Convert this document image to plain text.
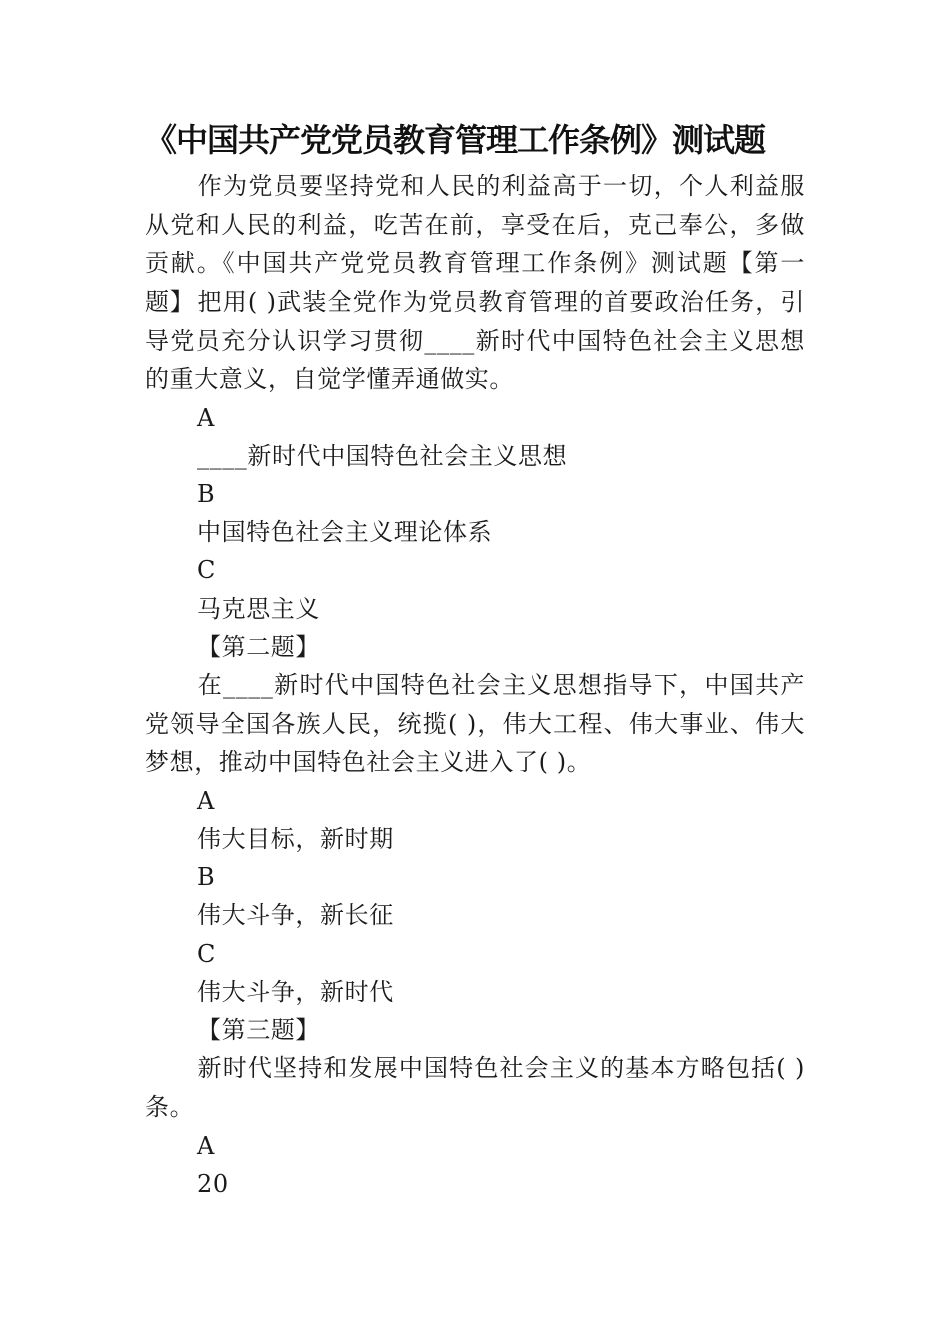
《中国共产党党员教育管理工作条例》测试题

作为党员要坚持党和人民的利益高于一切，个人利益服从党和人民的利益，吃苦在前，享受在后，克己奉公，多做贡献。《中国共产党党员教育管理工作条例》测试题【第一题】 把用( )武装全党作为党员教育管理的首要政治任务，引导党员充分认识学习贯彻____新时代中国特色社会主义思想的重大意义，自觉学懂弄通做实。

A

____新时代中国特色社会主义思想

B

中国特色社会主义理论体系

C

马克思主义

【第二题】

在____新时代中国特色社会主义思想指导下，中国共产党领导全国各族人民，统揽( )，伟大工程、伟大事业、伟大梦想，推动中国特色社会主义进入了( )。

A

伟大目标，新时期

B

伟大斗争，新长征

C

伟大斗争，新时代

【第三题】

新时代坚持和发展中国特色社会主义的基本方略包括( )条。

A

20
